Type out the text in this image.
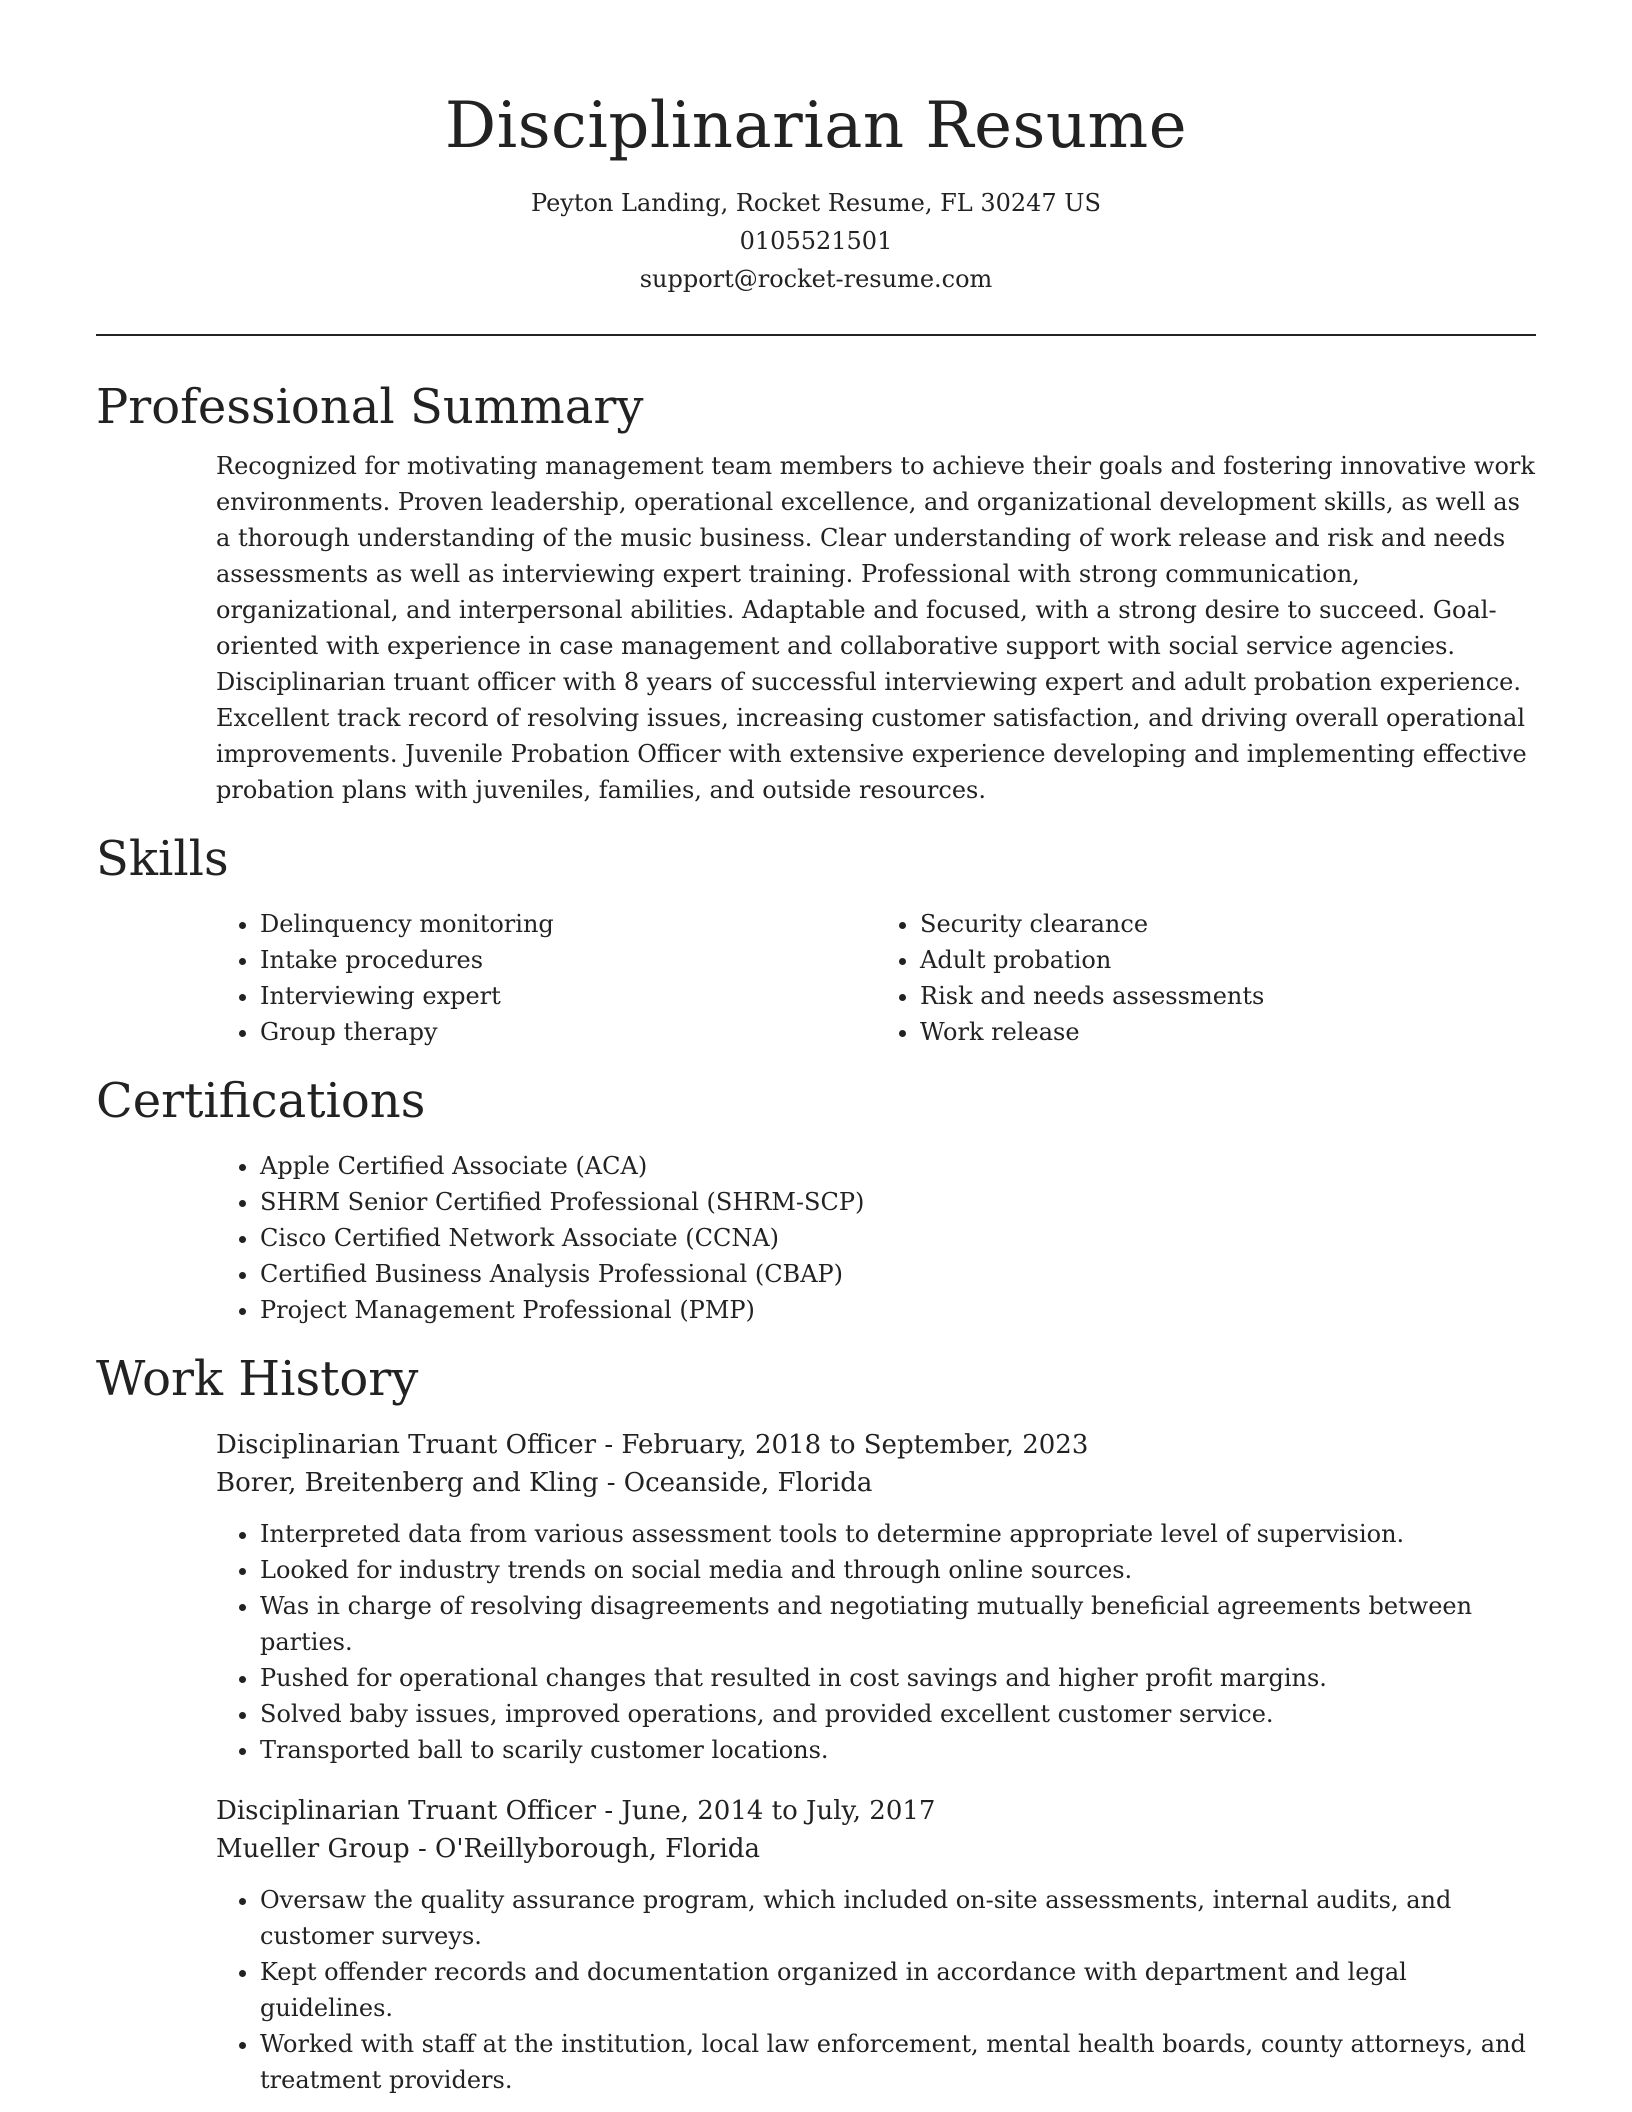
Disciplinarian Resume
Peyton Landing, Rocket Resume, FL 30247 US
0105521501
support@rocket-resume.com
Professional Summary

Recognized for motivating management team members to achieve their goals and fostering innovative work environments. Proven leadership, operational excellence, and organizational development skills, as well as a thorough understanding of the music business. Clear understanding of work release and risk and needs assessments as well as interviewing expert training. Professional with strong communication, organizational, and interpersonal abilities. Adaptable and focused, with a strong desire to succeed. Goal-oriented with experience in case management and collaborative support with social service agencies. Disciplinarian truant officer with 8 years of successful interviewing expert and adult probation experience. Excellent track record of resolving issues, increasing customer satisfaction, and driving overall operational improvements. Juvenile Probation Officer with extensive experience developing and implementing effective probation plans with juveniles, families, and outside resources.

Skills
• Delinquency monitoring
• Intake procedures
• Interviewing expert
• Group therapy
• Security clearance
• Adult probation
• Risk and needs assessments
• Work release
Certifications
• Apple Certified Associate (ACA)
• SHRM Senior Certified Professional (SHRM-SCP)
• Cisco Certified Network Associate (CCNA)
• Certified Business Analysis Professional (CBAP)
• Project Management Professional (PMP)
Work History
Disciplinarian Truant Officer - February, 2018 to September, 2023
Borer, Breitenberg and Kling - Oceanside, Florida
• Interpreted data from various assessment tools to determine appropriate level of supervision.
• Looked for industry trends on social media and through online sources.
• Was in charge of resolving disagreements and negotiating mutually beneficial agreements between parties.
• Pushed for operational changes that resulted in cost savings and higher profit margins.
• Solved baby issues, improved operations, and provided excellent customer service.
• Transported ball to scarily customer locations.
Disciplinarian Truant Officer - June, 2014 to July, 2017
Mueller Group - O'Reillyborough, Florida
• Oversaw the quality assurance program, which included on-site assessments, internal audits, and customer surveys.
• Kept offender records and documentation organized in accordance with department and legal guidelines.
• Worked with staff at the institution, local law enforcement, mental health boards, county attorneys, and treatment providers.
